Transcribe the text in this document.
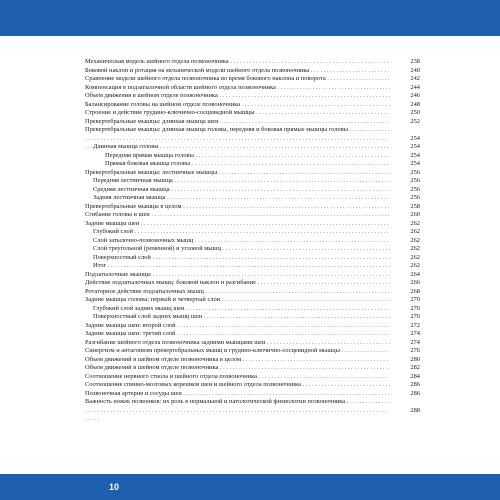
Механическая модель шейного отдела позвоночника . . .	238
Боковой наклон и ротация на механической модели шейного отдела позвоночника . . .	240
Сравнение модели шейного отдела позвоночника во время бокового наклона и поворота . . .	242
Компенсация в подзатылочной области шейного отдела позвоночника . . .	244
Объем движения в шейном отделе позвоночника . . .	246
Балансирование головы на шейном отделе позвоночника . . .	248
Строение и действие грудино-ключично-сосцевидной мышцы . . .	250
Превертебральные мышцы: длинная мышца шеи . . .	252
Превертебральные мышцы: длинная мышца головы, передняя и боковая прямые мышцы головы . . .
254
Длинная мышца головы . . .	254
Передняя прямая мышца головы . . .	254
Прямая боковая мышца головы . . .	254
Превертебральные мышцы: лестничные мышцы . . .	256
Передняя лестничная мышца . . .	256
Средняя лестничная мышца . . .	256
Задняя лестничная мышца . . .	256
Превертебральные мышцы в целом . . .	258
Сгибание головы и шеи . . .	260
Задние мышцы шеи . . .	262
Глубокий слой . . .	262
Слой затылочно-позвоночных мышц . . .	262
Слой треугольной (ременной) и угловой мышц . . .	262
Поверхностный слой . . .	262
Итог . . .	262
Подзатылочные мышцы . . .	264
Действие подзатылочных мышц: боковой наклон и разгибание . . .	266
Ротаторное действие подзатылочных мышц . . .	268
Задние мышцы головы: первый и четвертый слои . . .	270
Глубокий слой задних мышц шеи . . .	270
Поверхностный слой задних мышц шеи . . .	270
Задние мышцы шеи: второй слой . . .	272
Задние мышцы шеи: третий слой . . .	274
Разгибание шейного отдела позвоночника задними мышцами шеи . . .	274
Синергизм и антагонизм превертебральных мышц и грудино-ключично-сосцевидной мышцы . . .	276
Объем движений в шейном отделе позвоночника в целом . . .	280
Объем движений в шейном отделе позвоночника . . .	282
Соотношение нервного ствола и шейного отдела позвоночника . . .	284
Соотношение спинно-мозговых корешков шеи и шейного отдела позвоночника . . .	286
Позвоночная артерия и сосуды шеи . . .	286
Важность ножек позвонков: их роль в нормальной и патологической физиологии позвоночника . . .
288
10
